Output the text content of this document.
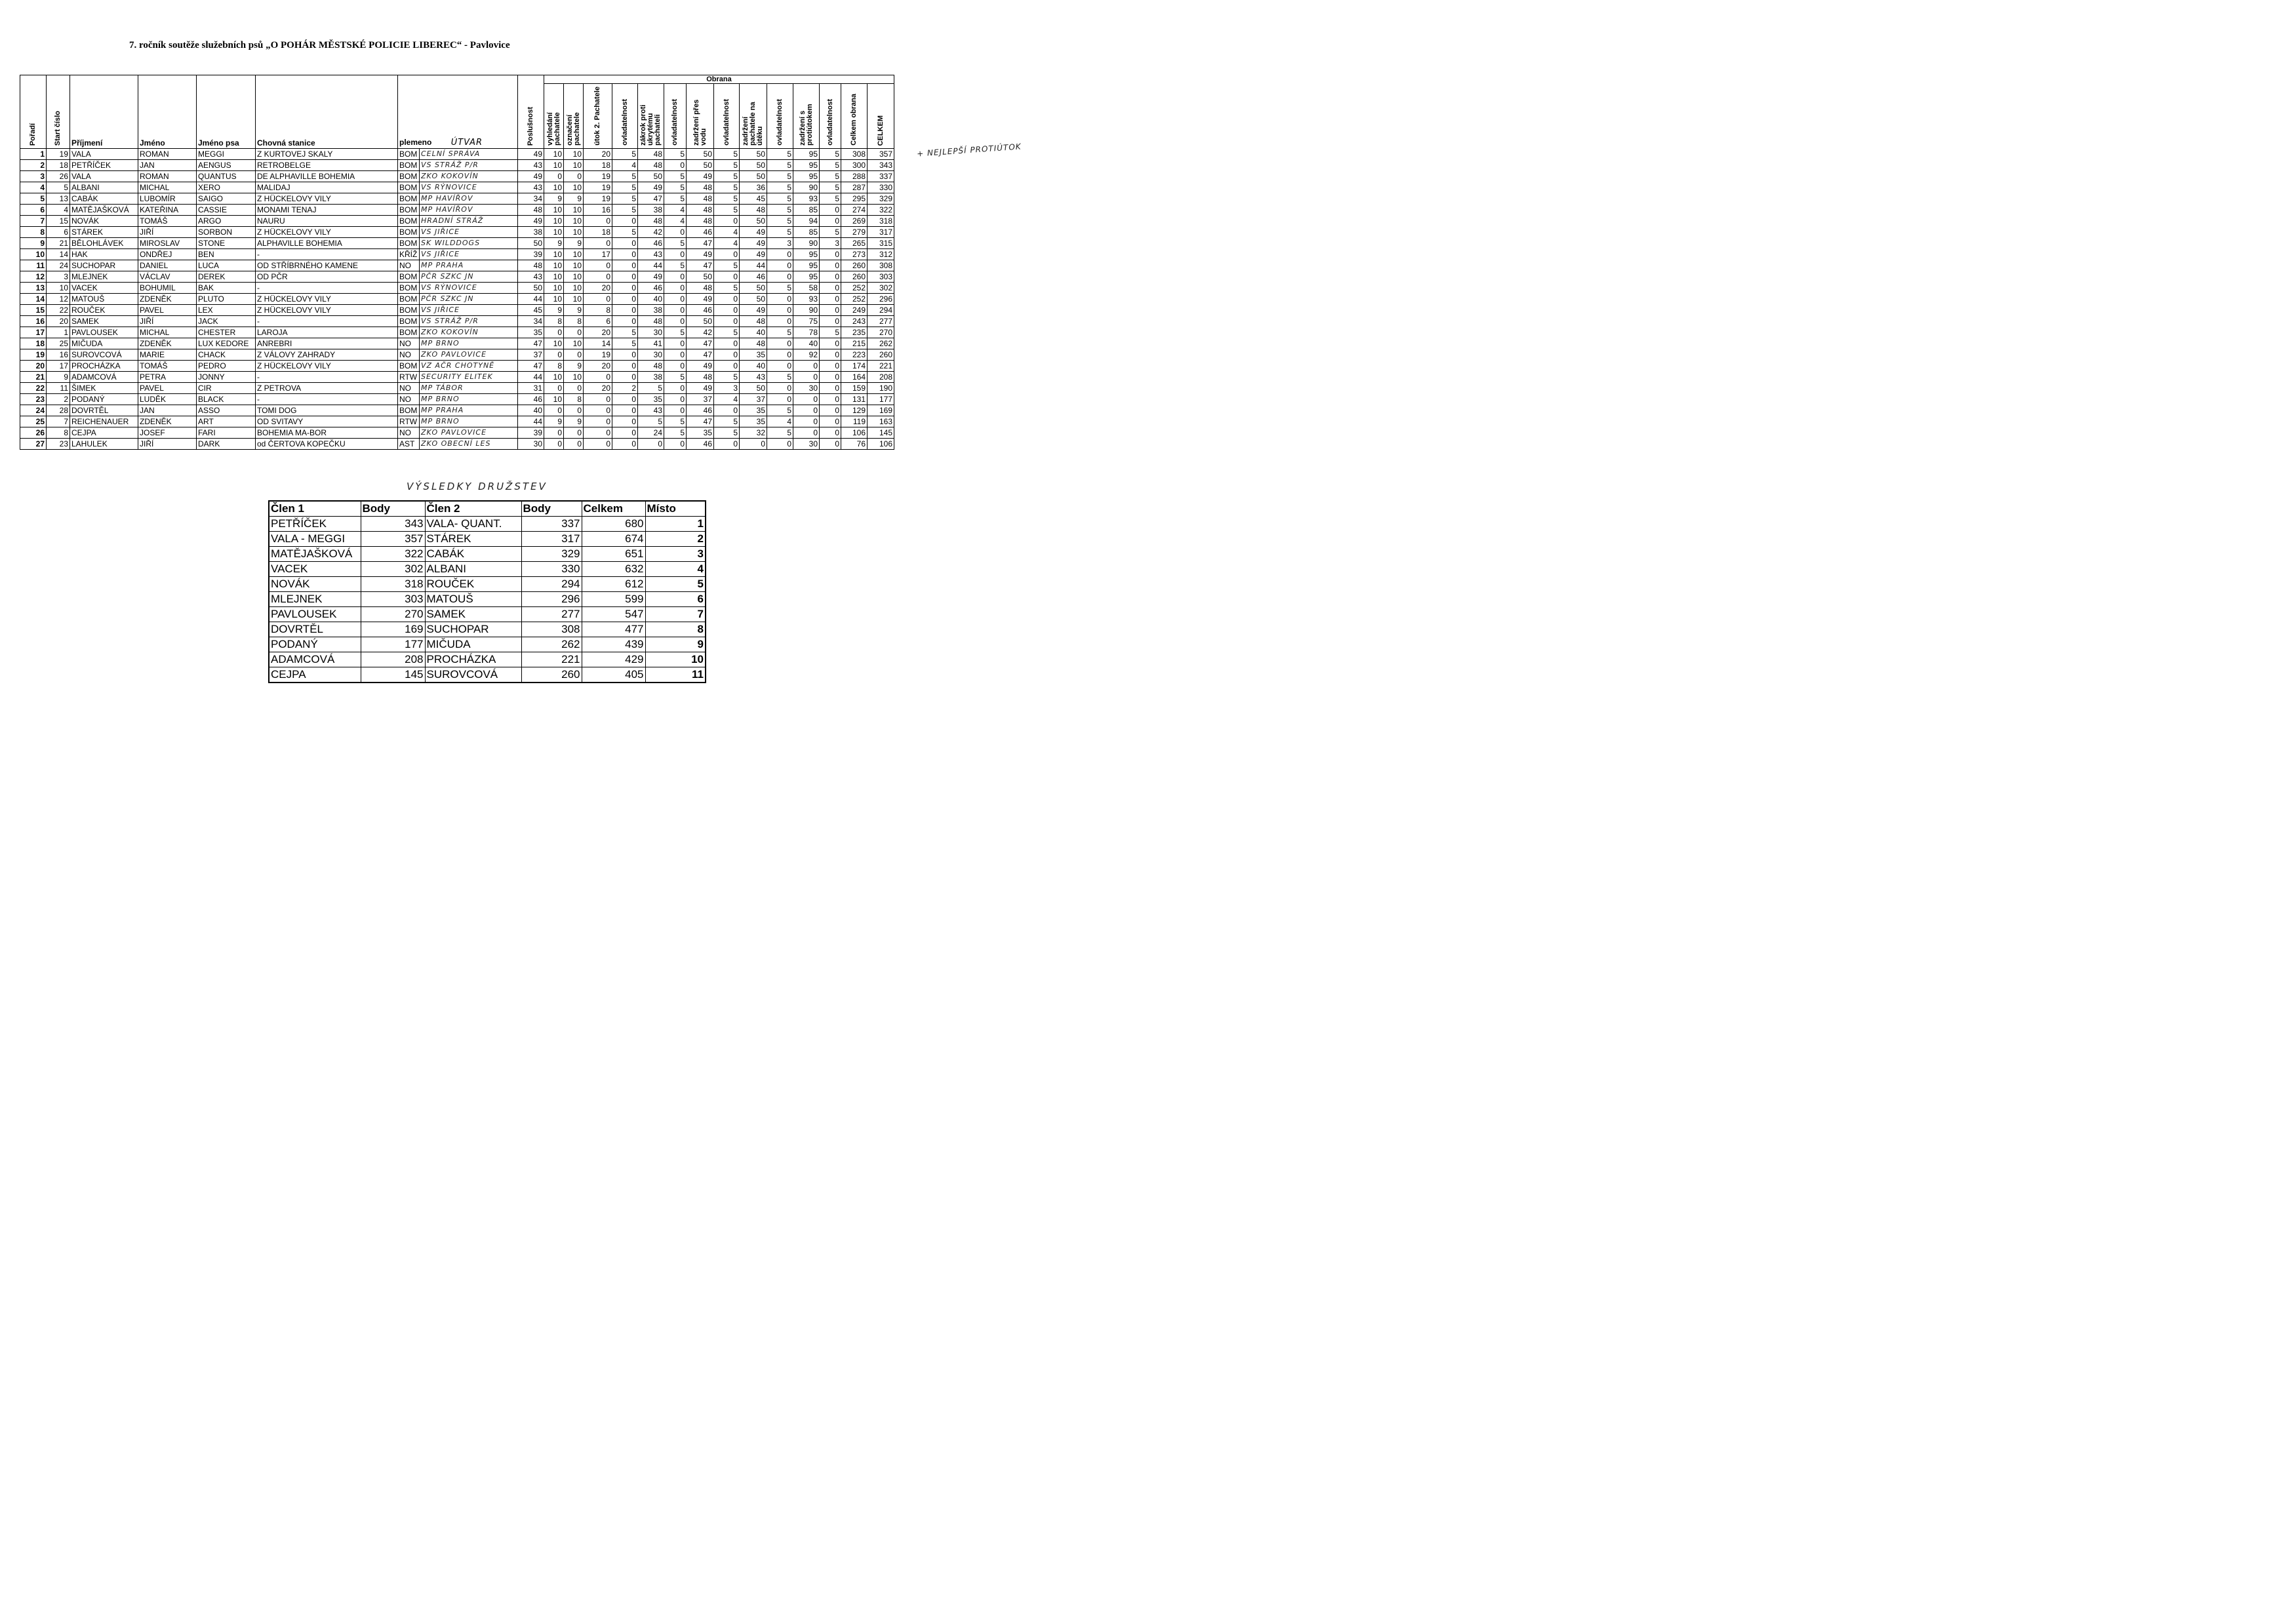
7. ročník soutěže služebních psů „O POHÁR MĚSTSKÉ POLICIE LIBEREC“ - Pavlovice
Pořadí	Start číslo	Příjmení	Jméno	Jméno psa	Chovná stanice	plemeno ÚTVAR		Poslušnost	Obrana													
									vyhledání pachatele	označení pachatele	útok 2. Pachatele	ovladatelnost	zákrok proti ukrytému pachateli	ovladatelnost	zadržení přes vodu	ovladatelnost	zadržení pachatele na útěku	ovladatelnost	zadržení s protiútokem	ovladatelnost	Celkem obrana	CELKEM
1	19	VALA	ROMAN	MEGGI	Z KURTOVEJ SKALY	BOM	CELNÍ SPRÁVA	49	10	10	20	5	48	5	50	5	50	5	95	5	308	357
2	18	PETŘÍČEK	JAN	AENGUS	RETROBELGE	BOM	VS STRÁŽ P/R	43	10	10	18	4	48	0	50	5	50	5	95	5	300	343
3	26	VALA	ROMAN	QUANTUS	DE ALPHAVILLE BOHEMIA	BOM	ZKO KOKOVÍN	49	0	0	19	5	50	5	49	5	50	5	95	5	288	337
4	5	ALBANI	MICHAL	XERO	MALIDAJ	BOM	VS RÝNOVICE	43	10	10	19	5	49	5	48	5	36	5	90	5	287	330
5	13	CABÁK	LUBOMÍR	SAIGO	Z HÜCKELOVY VILY	BOM	MP HAVÍŘOV	34	9	9	19	5	47	5	48	5	45	5	93	5	295	329
6	4	MATĚJAŠKOVÁ	KATEŘINA	CASSIE	MONAMI TENAJ	BOM	MP HAVÍŘOV	48	10	10	16	5	38	4	48	5	48	5	85	0	274	322
7	15	NOVÁK	TOMÁŠ	ARGO	NAURU	BOM	HRADNÍ STRÁŽ	49	10	10	0	0	48	4	48	0	50	5	94	0	269	318
8	6	STÁREK	JIŘÍ	SORBON	Z HÜCKELOVY VILY	BOM	VS JIŘICE	38	10	10	18	5	42	0	46	4	49	5	85	5	279	317
9	21	BĚLOHLÁVEK	MIROSLAV	STONE	ALPHAVILLE BOHEMIA	BOM	SK WILDDOGS	50	9	9	0	0	46	5	47	4	49	3	90	3	265	315
10	14	HAK	ONDŘEJ	BEN	-	KŘÍŽ	VS JIŘICE	39	10	10	17	0	43	0	49	0	49	0	95	0	273	312
11	24	SUCHOPAR	DANIEL	LUCA	OD STŘÍBRNÉHO KAMENE	NO	MP PRAHA	48	10	10	0	0	44	5	47	5	44	0	95	0	260	308
12	3	MLEJNEK	VÁCLAV	DEREK	OD PČR	BOM	PČR SZKC JN	43	10	10	0	0	49	0	50	0	46	0	95	0	260	303
13	10	VACEK	BOHUMIL	BAK	-	BOM	VS RÝNOVICE	50	10	10	20	0	46	0	48	5	50	5	58	0	252	302
14	12	MATOUŠ	ZDENĚK	PLUTO	Z HÜCKELOVY VILY	BOM	PČR SZKC JN	44	10	10	0	0	40	0	49	0	50	0	93	0	252	296
15	22	ROUČEK	PAVEL	LEX	Z HÜCKELOVY VILY	BOM	VS JIŘICE	45	9	9	8	0	38	0	46	0	49	0	90	0	249	294
16	20	SAMEK	JIŘÍ	JACK	-	BOM	VS STRÁŽ P/R	34	8	8	6	0	48	0	50	0	48	0	75	0	243	277
17	1	PAVLOUSEK	MICHAL	CHESTER	LAROJA	BOM	ZKO KOKOVÍN	35	0	0	20	5	30	5	42	5	40	5	78	5	235	270
18	25	MIČUDA	ZDENĚK	LUX KEDORE	ANREBRI	NO	MP BRNO	47	10	10	14	5	41	0	47	0	48	0	40	0	215	262
19	16	SUROVCOVÁ	MARIE	CHACK	Z VÁLOVY ZAHRADY	NO	ZKO PAVLOVICE	37	0	0	19	0	30	0	47	0	35	0	92	0	223	260
20	17	PROCHÁZKA	TOMÁŠ	PEDRO	Z HÜCKELOVY VILY	BOM	VZ AČR CHOTYNĚ	47	8	9	20	0	48	0	49	0	40	0	0	0	174	221
21	9	ADAMCOVÁ	PETRA	JONNY	-	RTW	SECURITY ELITEK	44	10	10	0	0	38	5	48	5	43	5	0	0	164	208
22	11	ŠIMEK	PAVEL	CIR	Z PETROVA	NO	MP TÁBOR	31	0	0	20	2	5	0	49	3	50	0	30	0	159	190
23	2	PODANÝ	LUDĚK	BLACK	-	NO	MP BRNO	46	10	8	0	0	35	0	37	4	37	0	0	0	131	177
24	28	DOVRTĚL	JAN	ASSO	TOMI DOG	BOM	MP PRAHA	40	0	0	0	0	43	0	46	0	35	5	0	0	129	169
25	7	REICHENAUER	ZDENĚK	ART	OD SVITAVY	RTW	MP BRNO	44	9	9	0	0	5	5	47	5	35	4	0	0	119	163
26	8	CEJPA	JOSEF	FARI	BOHEMIA MA-BOR	NO	ZKO PAVLOVICE	39	0	0	0	0	24	5	35	5	32	5	0	0	106	145
27	23	LAHULEK	JIŘÍ	DARK	od ČERTOVA KOPEČKU	AST	ZKO OBECNÍ LES	30	0	0	0	0	0	0	46	0	0	0	30	0	76	106
+ NEJLEPŠÍ PROTIÚTOK
VÝSLEDKY DRUŽSTEV
Člen 1	Body	Člen 2	Body	Celkem	Místo
PETŘÍČEK	343	VALA- QUANT.	337	680	1
VALA - MEGGI	357	STÁREK	317	674	2
MATĚJAŠKOVÁ	322	CABÁK	329	651	3
VACEK	302	ALBANI	330	632	4
NOVÁK	318	ROUČEK	294	612	5
MLEJNEK	303	MATOUŠ	296	599	6
PAVLOUSEK	270	SAMEK	277	547	7
DOVRTĚL	169	SUCHOPAR	308	477	8
PODANÝ	177	MIČUDA	262	439	9
ADAMCOVÁ	208	PROCHÁZKA	221	429	10
CEJPA	145	SUROVCOVÁ	260	405	11
